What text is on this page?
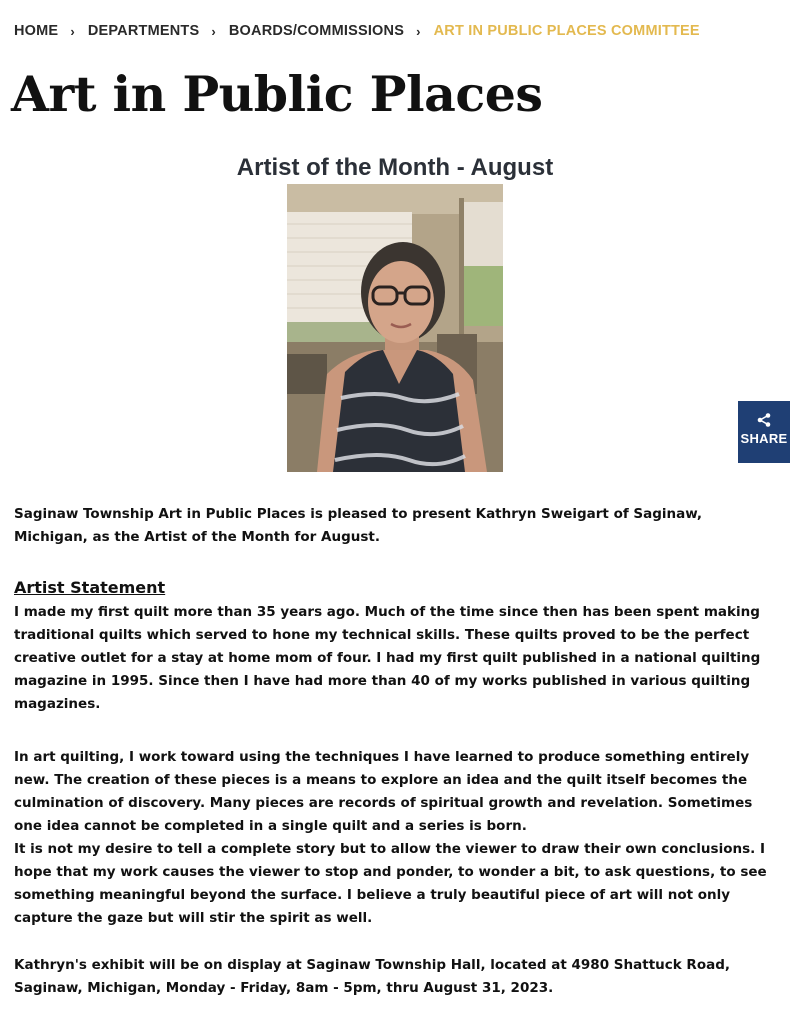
HOME › DEPARTMENTS › BOARDS/COMMISSIONS › ART IN PUBLIC PLACES COMMITTEE
Art in Public Places
Artist of the Month - August
SHARE

Saginaw Township Art in Public Places is pleased to present Kathryn Sweigart of Saginaw,
Michigan, as the Artist of the Month for August.

Artist Statement

I made my first quilt more than 35 years ago. Much of the time since then has been spent making
traditional quilts which served to hone my technical skills. These quilts proved to be the perfect
creative outlet for a stay at home mom of four. I had my first quilt published in a national quilting
magazine in 1995. Since then I have had more than 40 of my works published in various quilting
magazines.

In art quilting, I work toward using the techniques I have learned to produce something entirely
new. The creation of these pieces is a means to explore an idea and the quilt itself becomes the
culmination of discovery. Many pieces are records of spiritual growth and revelation. Sometimes
one idea cannot be completed in a single quilt and a series is born.
It is not my desire to tell a complete story but to allow the viewer to draw their own conclusions. I
hope that my work causes the viewer to stop and ponder, to wonder a bit, to ask questions, to see
something meaningful beyond the surface. I believe a truly beautiful piece of art will not only
capture the gaze but will stir the spirit as well.

Kathryn's exhibit will be on display at Saginaw Township Hall, located at 4980 Shattuck Road,
Saginaw, Michigan, Monday - Friday, 8am - 5pm, thru August 31, 2023.
